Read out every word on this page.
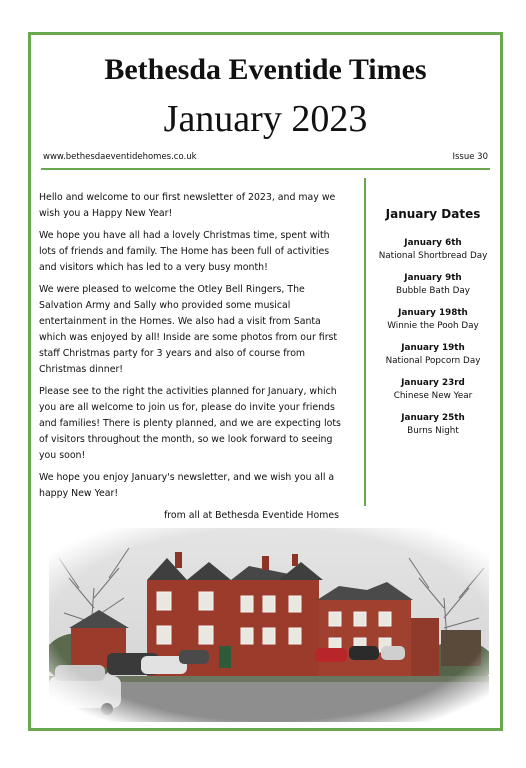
Bethesda Eventide Times
January 2023
www.bethesdaeventidehomes.co.uk	Issue 30

Hello and welcome to our first newsletter of 2023, and may we wish you a Happy New Year!

We hope you have all had a lovely Christmas time, spent with lots of friends and family. The Home has been full of activities and visitors which has led to a very busy month!

We were pleased to welcome the Otley Bell Ringers, The Salvation Army and Sally who provided some musical entertainment in the Homes. We also had a visit from Santa which was enjoyed by all! Inside are some photos from our first staff Christmas party for 3 years and also of course from Christmas dinner!

Please see to the right the activities planned for January, which you are all welcome to join us for, please do invite your friends and families! There is plenty planned, and we are expecting lots of visitors throughout the month, so we look forward to seeing you soon!

We hope you enjoy January's newsletter, and we wish you all a happy New Year!

from all at Bethesda Eventide Homes

January Dates
January 6th
National Shortbread Day
January 9th
Bubble Bath Day
January 198th
Winnie the Pooh Day
January 19th
National Popcorn Day
January 23rd
Chinese New Year
January 25th
Burns Night
